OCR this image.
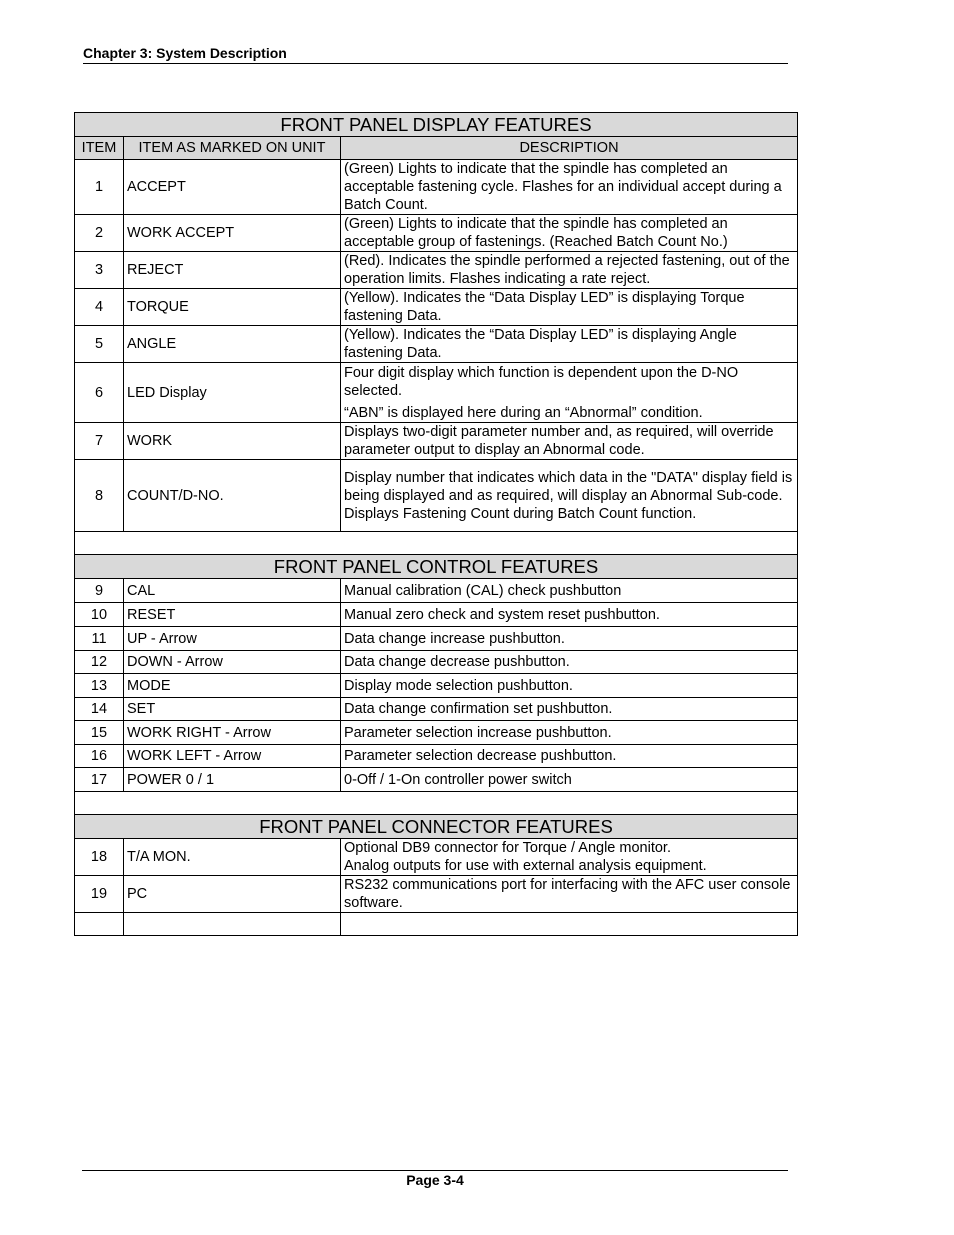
Chapter 3: System Description
FRONT PANEL DISPLAY FEATURES		
ITEM	ITEM AS MARKED ON UNIT	DESCRIPTION
1	ACCEPT	(Green) Lights to indicate that the spindle has completed an acceptable fastening cycle. Flashes for an individual accept during a Batch Count.

2	WORK ACCEPT	(Green) Lights to indicate that the spindle has completed an acceptable group of fastenings. (Reached Batch Count No.)

3	REJECT	(Red). Indicates the spindle performed a rejected fastening, out of the operation limits. Flashes indicating a rate reject.

4	TORQUE	(Yellow). Indicates the “Data Display LED” is displaying Torque fastening Data.

5	ANGLE	(Yellow). Indicates the “Data Display LED” is displaying Angle fastening Data.

6	LED Display	Four digit display which function is dependent upon the D-NO selected.

“ABN” is displayed here during an “Abnormal” condition.

7	WORK	Displays two-digit parameter number and, as required, will override parameter output to display an Abnormal code.

8	COUNT/D-NO.	Display number that indicates which data in the "DATA" display field is being displayed and as required, will display an Abnormal Sub-code. Displays Fastening Count during Batch Count function.

FRONT PANEL CONTROL FEATURES		
9	CAL	Manual calibration (CAL) check pushbutton

10	RESET	Manual zero check and system reset pushbutton.

11	UP - Arrow	Data change increase pushbutton.

12	DOWN - Arrow	Data change decrease pushbutton.

13	MODE	Display mode selection pushbutton.

14	SET	Data change confirmation set pushbutton.

15	WORK RIGHT - Arrow	Parameter selection increase pushbutton.

16	WORK LEFT - Arrow	Parameter selection decrease pushbutton.

17	POWER 0 / 1	0-Off / 1-On controller power switch

FRONT PANEL CONNECTOR FEATURES		
18	T/A MON.	Optional DB9 connector for Torque / Angle monitor.

Analog outputs for use with external analysis equipment.

19	PC	RS232 communications port for interfacing with the AFC user console software.

Page 3-4
